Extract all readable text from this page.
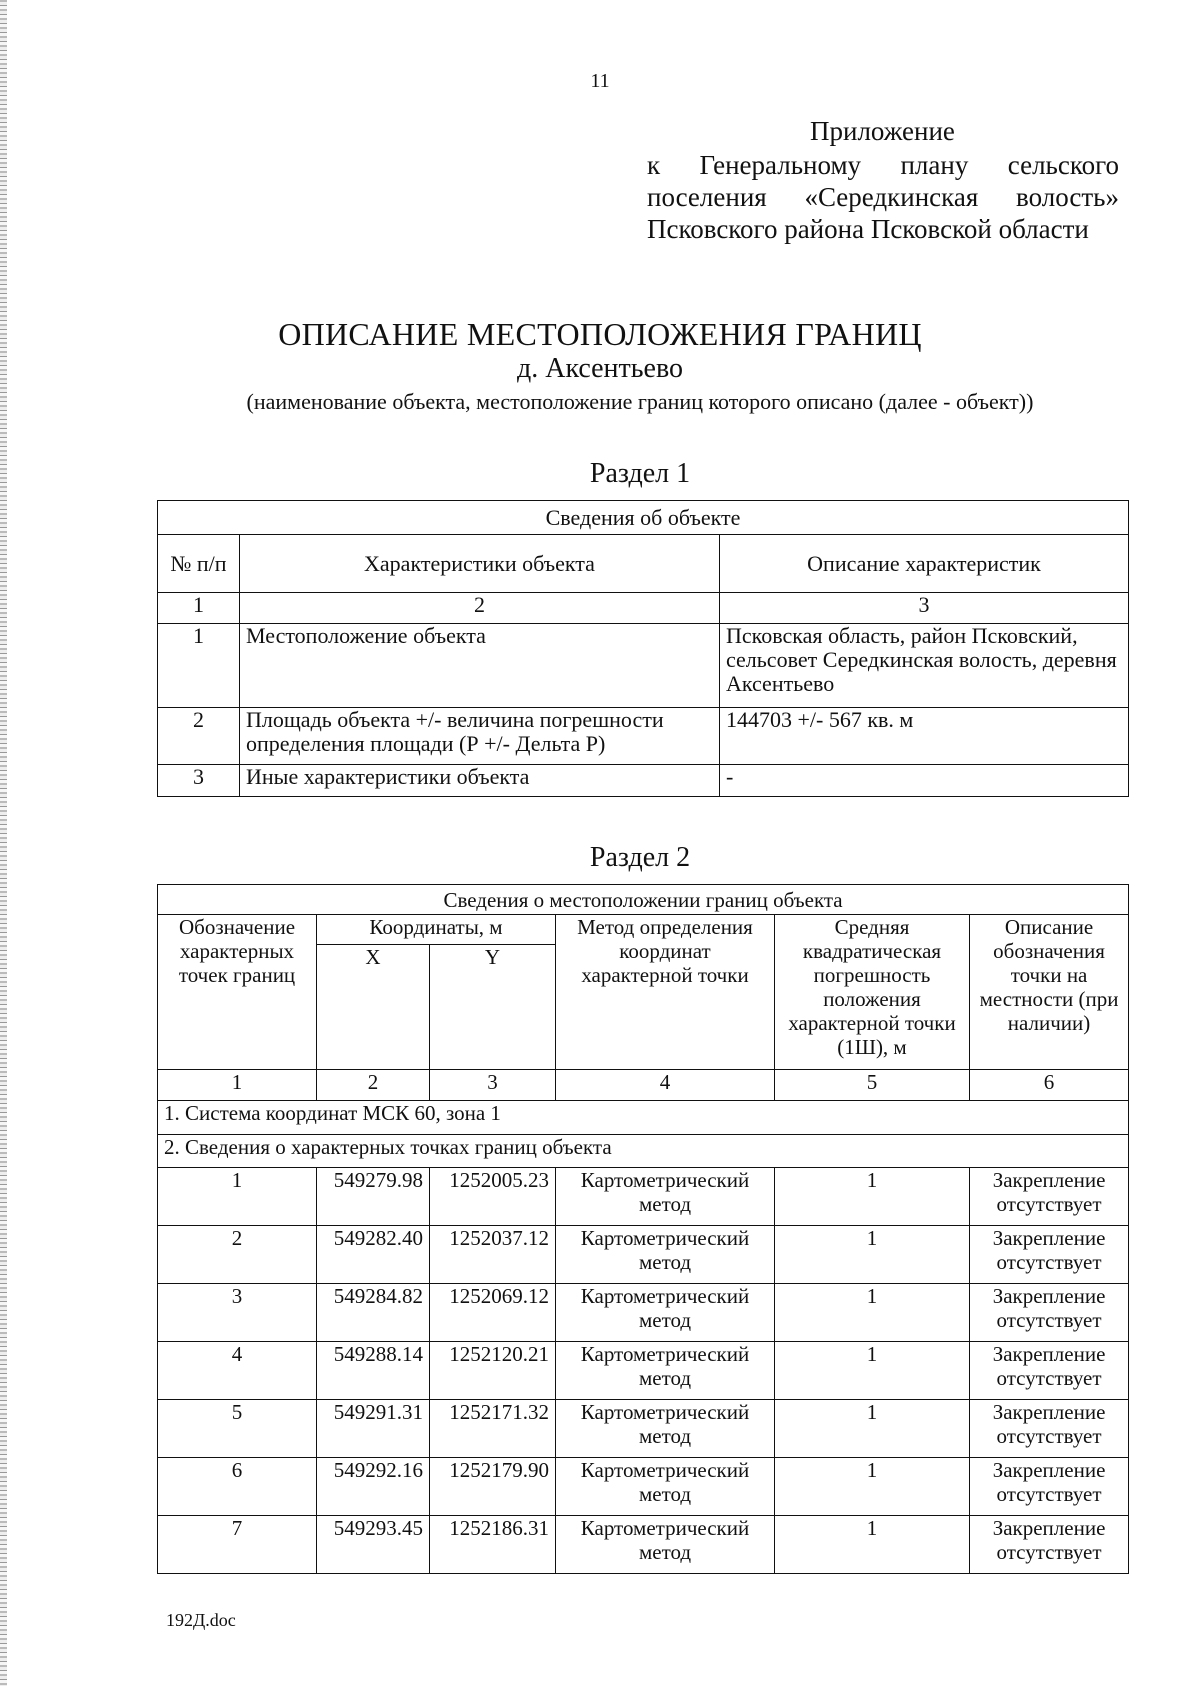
11
Приложение
к Генеральному плану сельского
поселения «Середкинская волость»
Псковского района Псковской области
ОПИСАНИЕ МЕСТОПОЛОЖЕНИЯ ГРАНИЦ
д. Аксентьево
(наименование объекта, местоположение границ которого описано (далее - объект))
Раздел 1
Сведения об объекте		
№ п/п	Характеристики объекта	Описание характеристик
1	2	3
1	Местоположение объекта	Псковская область, район Псковский, сельсовет Середкинская волость, деревня Аксентьево
2	Площадь объекта +/- величина погрешности определения площади (Р +/- Дельта Р)	144703 +/- 567 кв. м
3	Иные характеристики объекта	-
Раздел 2
Сведения о местоположении границ объекта					
Обозначение характерных точек границ	Координаты, м		Метод определения координат характерной точки	Средняя квадратическая погрешность положения характерной точки (1Ш), м	Описание обозначения точки на местности (при наличии)
	X	Y			
1	2	3	4	5	6
1. Система координат МСК 60, зона 1					
2. Сведения о характерных точках границ объекта					
1	549279.98	1252005.23	Картометрический метод	1	Закрепление отсутствует
2	549282.40	1252037.12	Картометрический метод	1	Закрепление отсутствует
3	549284.82	1252069.12	Картометрический метод	1	Закрепление отсутствует
4	549288.14	1252120.21	Картометрический метод	1	Закрепление отсутствует
5	549291.31	1252171.32	Картометрический метод	1	Закрепление отсутствует
6	549292.16	1252179.90	Картометрический метод	1	Закрепление отсутствует
7	549293.45	1252186.31	Картометрический метод	1	Закрепление отсутствует
192Д.doc
